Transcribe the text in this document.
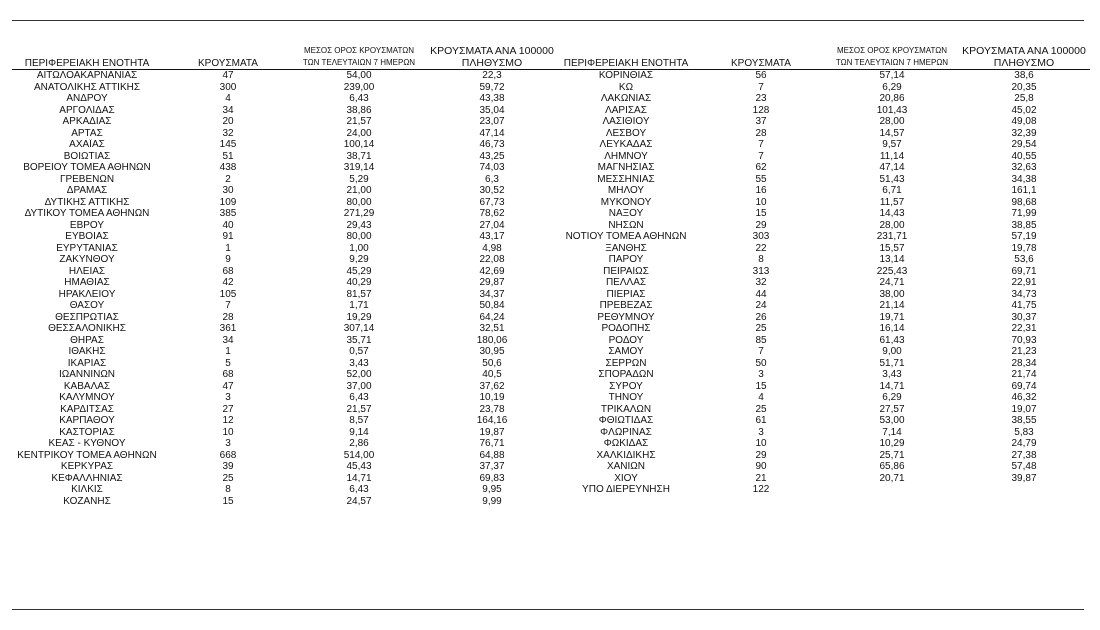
ΠΕΡΙΦΕΡΕΙΑΚΗ ΕΝΟΤΗΤΑ	ΚΡΟΥΣΜΑΤΑ	ΜΕΣΟΣ ΟΡΟΣ ΚΡΟΥΣΜΑΤΩΝ
ΤΩΝ ΤΕΛΕΥΤΑΙΩΝ 7 ΗΜΕΡΩΝ	ΚΡΟΥΣΜΑΤΑ ΑΝΑ 100000
ΠΛΗΘΥΣΜΟ
ΑΙΤΩΛΟΑΚΑΡΝΑΝΙΑΣ	47	54,00	22,3
ΑΝΑΤΟΛΙΚΗΣ ΑΤΤΙΚΗΣ	300	239,00	59,72
ΑΝΔΡΟΥ	4	6,43	43,38
ΑΡΓΟΛΙΔΑΣ	34	38,86	35,04
ΑΡΚΑΔΙΑΣ	20	21,57	23,07
ΑΡΤΑΣ	32	24,00	47,14
ΑΧΑΪΑΣ	145	100,14	46,73
ΒΟΙΩΤΙΑΣ	51	38,71	43,25
ΒΟΡΕΙΟΥ ΤΟΜΕΑ ΑΘΗΝΩΝ	438	319,14	74,03
ΓΡΕΒΕΝΩΝ	2	5,29	6,3
ΔΡΑΜΑΣ	30	21,00	30,52
ΔΥΤΙΚΗΣ ΑΤΤΙΚΗΣ	109	80,00	67,73
ΔΥΤΙΚΟΥ ΤΟΜΕΑ ΑΘΗΝΩΝ	385	271,29	78,62
ΕΒΡΟΥ	40	29,43	27,04
ΕΥΒΟΙΑΣ	91	80,00	43,17
ΕΥΡΥΤΑΝΙΑΣ	1	1,00	4,98
ΖΑΚΥΝΘΟΥ	9	9,29	22,08
ΗΛΕΙΑΣ	68	45,29	42,69
ΗΜΑΘΙΑΣ	42	40,29	29,87
ΗΡΑΚΛΕΙΟΥ	105	81,57	34,37
ΘΑΣΟΥ	7	1,71	50,84
ΘΕΣΠΡΩΤΙΑΣ	28	19,29	64,24
ΘΕΣΣΑΛΟΝΙΚΗΣ	361	307,14	32,51
ΘΗΡΑΣ	34	35,71	180,06
ΙΘΑΚΗΣ	1	0,57	30,95
ΙΚΑΡΙΑΣ	5	3,43	50,6
ΙΩΑΝΝΙΝΩΝ	68	52,00	40,5
ΚΑΒΑΛΑΣ	47	37,00	37,62
ΚΑΛΥΜΝΟΥ	3	6,43	10,19
ΚΑΡΔΙΤΣΑΣ	27	21,57	23,78
ΚΑΡΠΑΘΟΥ	12	8,57	164,16
ΚΑΣΤΟΡΙΑΣ	10	9,14	19,87
ΚΕΑΣ - ΚΥΘΝΟΥ	3	2,86	76,71
ΚΕΝΤΡΙΚΟΥ ΤΟΜΕΑ ΑΘΗΝΩΝ	668	514,00	64,88
ΚΕΡΚΥΡΑΣ	39	45,43	37,37
ΚΕΦΑΛΛΗΝΙΑΣ	25	14,71	69,83
ΚΙΛΚΙΣ	8	6,43	9,95
ΚΟΖΑΝΗΣ	15	24,57	9,99
ΠΕΡΙΦΕΡΕΙΑΚΗ ΕΝΟΤΗΤΑ	ΚΡΟΥΣΜΑΤΑ	ΜΕΣΟΣ ΟΡΟΣ ΚΡΟΥΣΜΑΤΩΝ
ΤΩΝ ΤΕΛΕΥΤΑΙΩΝ 7 ΗΜΕΡΩΝ	ΚΡΟΥΣΜΑΤΑ ΑΝΑ 100000
ΠΛΗΘΥΣΜΟ
ΚΟΡΙΝΘΙΑΣ	56	57,14	38,6
ΚΩ	7	6,29	20,35
ΛΑΚΩΝΙΑΣ	23	20,86	25,8
ΛΑΡΙΣΑΣ	128	101,43	45,02
ΛΑΣΙΘΙΟΥ	37	28,00	49,08
ΛΕΣΒΟΥ	28	14,57	32,39
ΛΕΥΚΑΔΑΣ	7	9,57	29,54
ΛΗΜΝΟΥ	7	11,14	40,55
ΜΑΓΝΗΣΙΑΣ	62	47,14	32,63
ΜΕΣΣΗΝΙΑΣ	55	51,43	34,38
ΜΗΛΟΥ	16	6,71	161,1
ΜΥΚΟΝΟΥ	10	11,57	98,68
ΝΑΞΟΥ	15	14,43	71,99
ΝΗΣΩΝ	29	28,00	38,85
ΝΟΤΙΟΥ ΤΟΜΕΑ ΑΘΗΝΩΝ	303	231,71	57,19
ΞΑΝΘΗΣ	22	15,57	19,78
ΠΑΡΟΥ	8	13,14	53,6
ΠΕΙΡΑΙΩΣ	313	225,43	69,71
ΠΕΛΛΑΣ	32	24,71	22,91
ΠΙΕΡΙΑΣ	44	38,00	34,73
ΠΡΕΒΕΖΑΣ	24	21,14	41,75
ΡΕΘΥΜΝΟΥ	26	19,71	30,37
ΡΟΔΟΠΗΣ	25	16,14	22,31
ΡΟΔΟΥ	85	61,43	70,93
ΣΑΜΟΥ	7	9,00	21,23
ΣΕΡΡΩΝ	50	51,71	28,34
ΣΠΟΡΑΔΩΝ	3	3,43	21,74
ΣΥΡΟΥ	15	14,71	69,74
ΤΗΝΟΥ	4	6,29	46,32
ΤΡΙΚΑΛΩΝ	25	27,57	19,07
ΦΘΙΩΤΙΔΑΣ	61	53,00	38,55
ΦΛΩΡΙΝΑΣ	3	7,14	5,83
ΦΩΚΙΔΑΣ	10	10,29	24,79
ΧΑΛΚΙΔΙΚΗΣ	29	25,71	27,38
ΧΑΝΙΩΝ	90	65,86	57,48
ΧΙΟΥ	21	20,71	39,87
ΥΠΟ ΔΙΕΡΕΥΝΗΣΗ	122		
